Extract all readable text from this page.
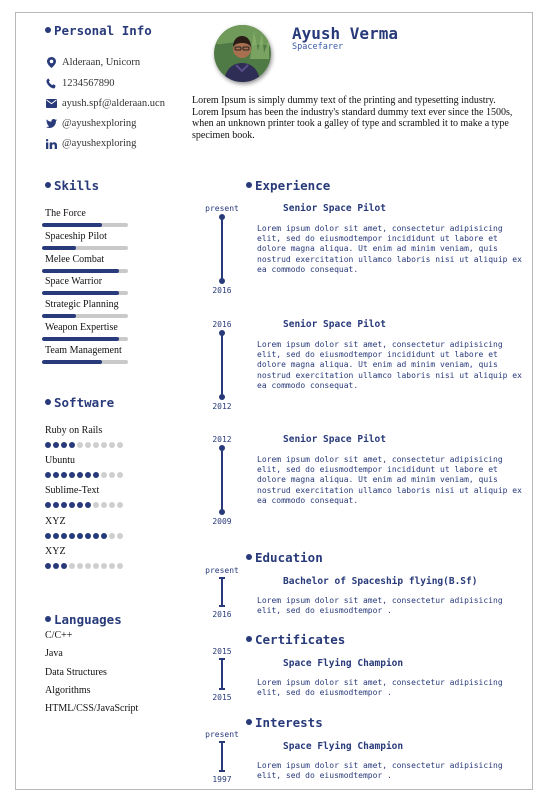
Personal Info
Alderaan, Unicorn
1234567890
ayush.spf@alderaan.ucn
@ayushexploring
@ayushexploring
Ayush Verma
Spacefarer
Lorem Ipsum is simply dummy text of the printing and typesetting industry. Lorem Ipsum has been the industry's standard dummy text ever since the 1500s, when an unknown printer took a galley of type and scrambled it to make a type specimen book.
Skills
The Force
Spaceship Pilot
Melee Combat
Space Warrior
Strategic Planning
Weapon Expertise
Team Management
Software
Ruby on Rails
Ubuntu
Sublime-Text
XYZ
XYZ
Languages
C/C++
Java
Data Structures
Algorithms
HTML/CSS/JavaScript
Experience
Education
Certificates
Interests
present
2016
Senior Space Pilot
Lorem ipsum dolor sit amet, consectetur adipisicing elit, sed do eiusmodtempor incididunt ut labore et dolore magna aliqua. Ut enim ad minim veniam, quis nostrud exercitation ullamco laboris nisi ut aliquip ex ea commodo consequat.
2016
2012
Senior Space Pilot
Lorem ipsum dolor sit amet, consectetur adipisicing elit, sed do eiusmodtempor incididunt ut labore et dolore magna aliqua. Ut enim ad minim veniam, quis nostrud exercitation ullamco laboris nisi ut aliquip ex ea commodo consequat.
2012
2009
Senior Space Pilot
Lorem ipsum dolor sit amet, consectetur adipisicing elit, sed do eiusmodtempor incididunt ut labore et dolore magna aliqua. Ut enim ad minim veniam, quis nostrud exercitation ullamco laboris nisi ut aliquip ex ea commodo consequat.
present
2016
Bachelor of Spaceship flying(B.Sf)
Lorem ipsum dolor sit amet, consectetur adipisicing elit, sed do eiusmodtempor .
2015
2015
Space Flying Champion
Lorem ipsum dolor sit amet, consectetur adipisicing elit, sed do eiusmodtempor .
present
1997
Space Flying Champion
Lorem ipsum dolor sit amet, consectetur adipisicing elit, sed do eiusmodtempor .
